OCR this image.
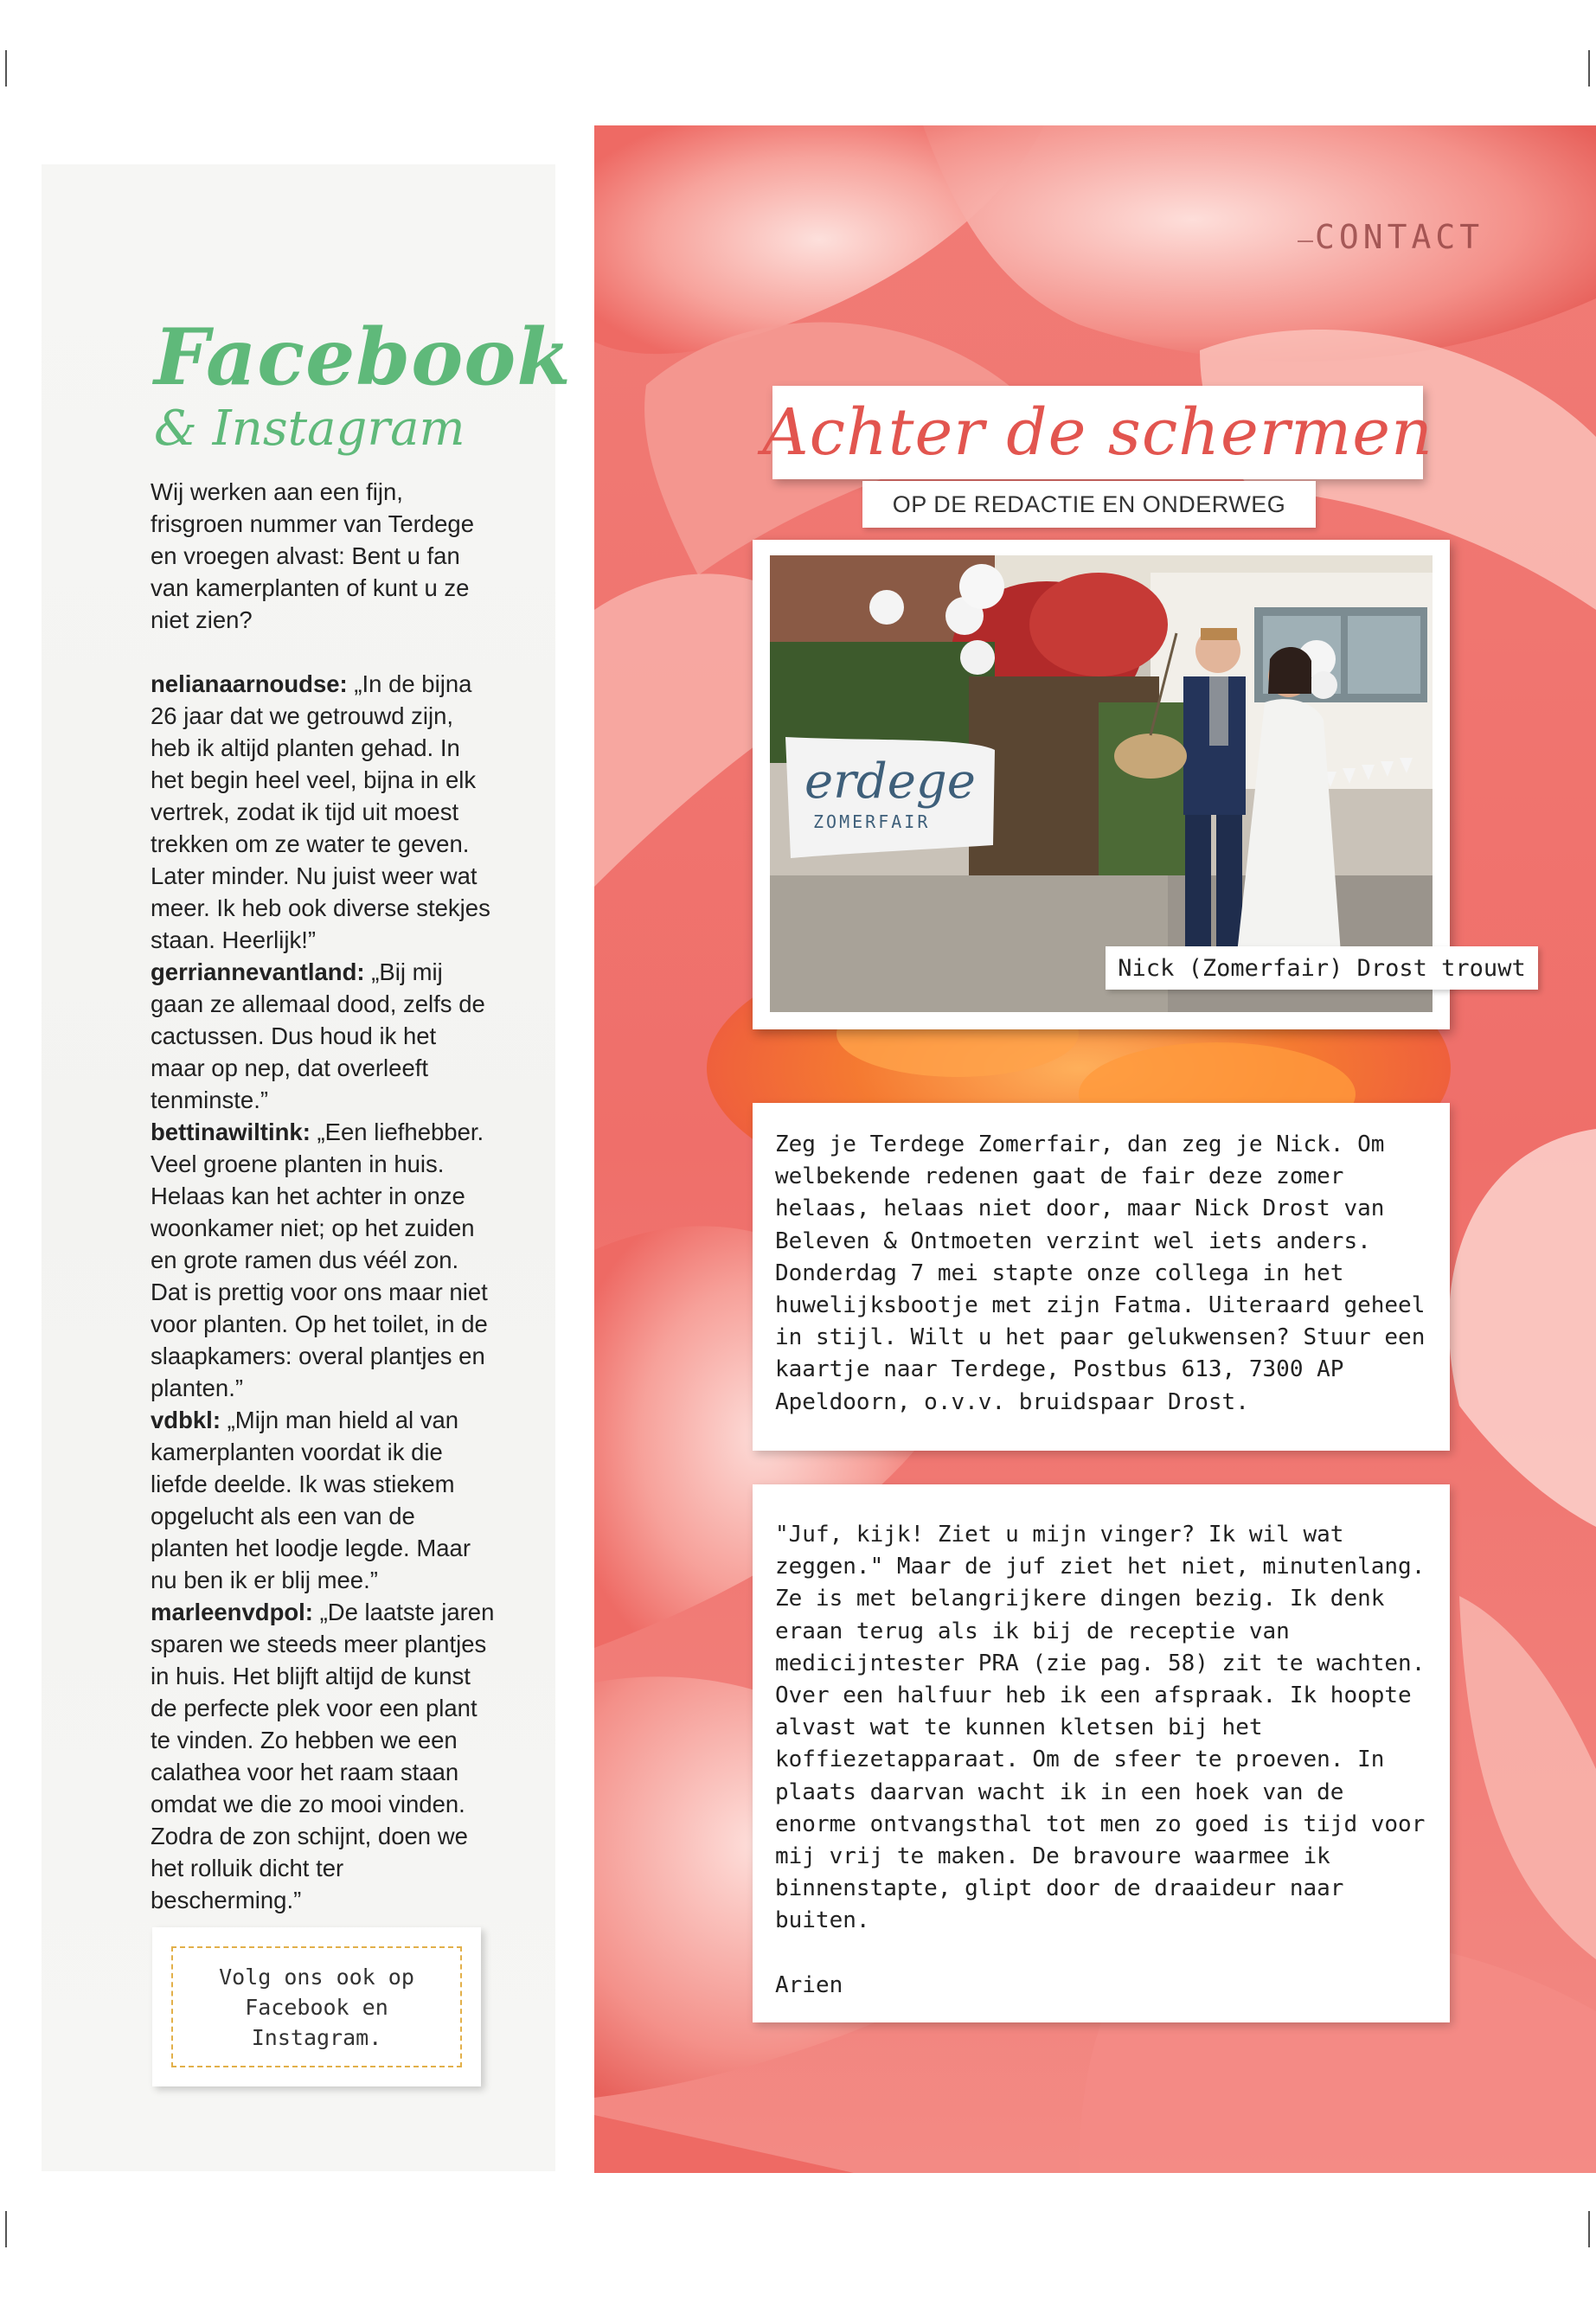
Facebook
& Instagram

Wij werken aan een fijn, frisgroen nummer van Terdege en vroegen alvast: Bent u fan van kamerplanten of kunt u ze niet zien?

nelianaarnoudse: „In de bijna 26 jaar dat we getrouwd zijn, heb ik altijd planten gehad. In het begin heel veel, bijna in elk vertrek, zodat ik tijd uit moest trekken om ze water te geven. Later minder. Nu juist weer wat meer. Ik heb ook diverse stekjes staan. Heerlijk!”

gerriannevantland: „Bij mij gaan ze allemaal dood, zelfs de cactussen. Dus houd ik het maar op nep, dat overleeft tenminste.”

bettinawiltink: „Een liefhebber. Veel groene planten in huis. Helaas kan het achter in onze woonkamer niet; op het zuiden en grote ramen dus véél zon. Dat is prettig voor ons maar niet voor planten. Op het toilet, in de slaapkamers: overal plantjes en planten.”

vdbkl: „Mijn man hield al van kamerplanten voordat ik die liefde deelde. Ik was stiekem opgelucht als een van de planten het loodje legde. Maar nu ben ik er blij mee.”

marleenvdpol: „De laatste jaren sparen we steeds meer plantjes in huis. Het blijft altijd de kunst de perfecte plek voor een plant te vinden. Zo hebben we een calathea voor het raam staan omdat we die zo mooi vinden. Zodra de zon schijnt, doen we het rolluik dicht ter bescherming.”

Volg ons ook op Facebook en Instagram.
CONTACT
Achter de schermen
OP DE REDACTIE EN ONDERWEG
erdege
ZOMERFAIR
Nick (Zomerfair) Drost trouwt

Zeg je Terdege Zomerfair, dan zeg je Nick. Om welbekende redenen gaat de fair deze zomer helaas, helaas niet door, maar Nick Drost van Beleven & Ontmoeten verzint wel iets anders. Donderdag 7 mei stapte onze collega in het huwelijksbootje met zijn Fatma. Uiteraard geheel in stijl. Wilt u het paar gelukwensen? Stuur een kaartje naar Terdege, Postbus 613, 7300 AP Apeldoorn, o.v.v. bruidspaar Drost.

"Juf, kijk! Ziet u mijn vinger? Ik wil wat zeggen." Maar de juf ziet het niet, minutenlang. Ze is met belangrijkere dingen bezig. Ik denk eraan terug als ik bij de receptie van medicijntester PRA (zie pag. 58) zit te wachten. Over een halfuur heb ik een afspraak. Ik hoopte alvast wat te kunnen kletsen bij het koffiezetapparaat. Om de sfeer te proeven. In plaats daarvan wacht ik in een hoek van de enorme ontvangsthal tot men zo goed is tijd voor mij vrij te maken. De bravoure waarmee ik binnenstapte, glipt door de draaideur naar buiten.

Arien
